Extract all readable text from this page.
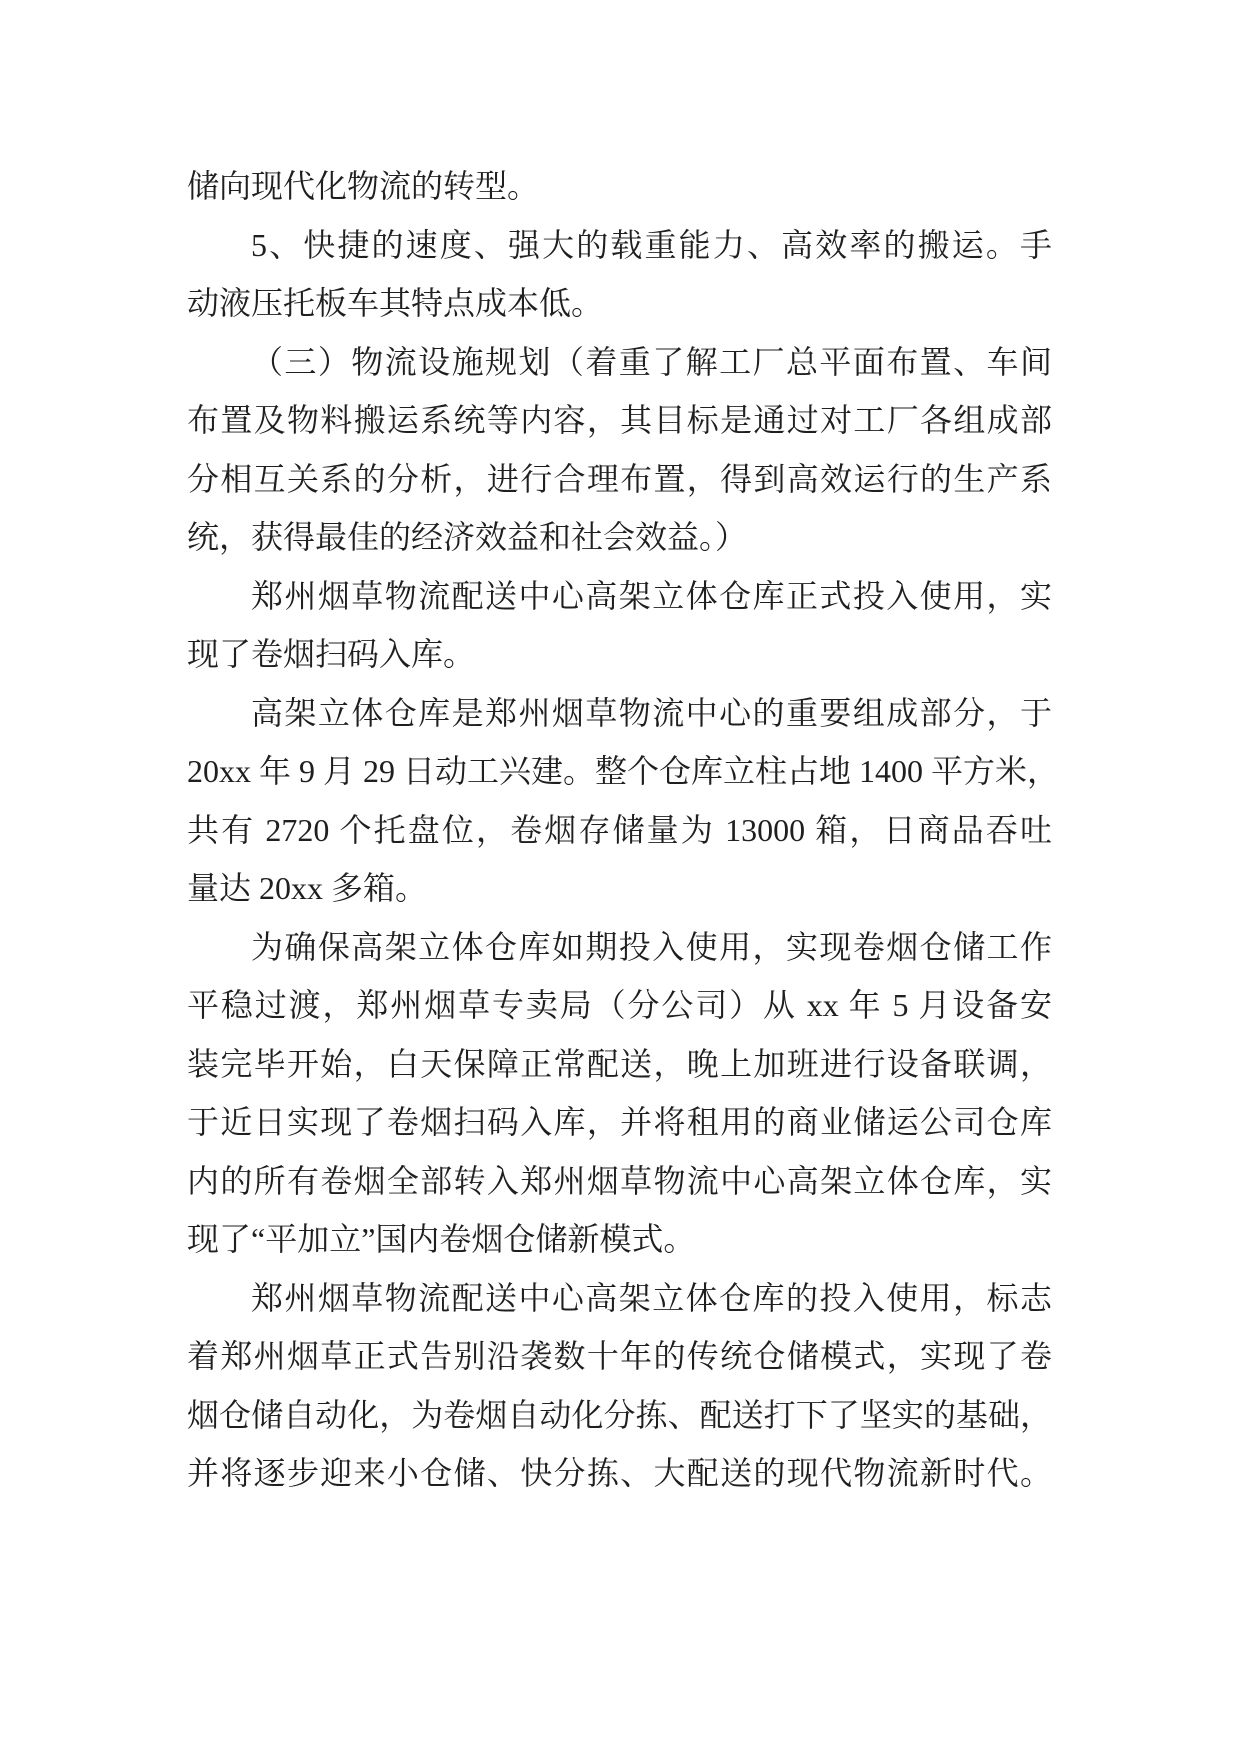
储向现代化物流的转型。
5、快捷的速度、强大的载重能力、高效率的搬运。手
动液压托板车其特点成本低。
（三）物流设施规划（着重了解工厂总平面布置、车间
布置及物料搬运系统等内容，其目标是通过对工厂各组成部
分相互关系的分析，进行合理布置，得到高效运行的生产系
统，获得最佳的经济效益和社会效益。）
郑州烟草物流配送中心高架立体仓库正式投入使用，实
现了卷烟扫码入库。
高架立体仓库是郑州烟草物流中心的重要组成部分，于
20xx 年 9 月 29 日动工兴建。整个仓库立柱占地 1400 平方米，
共有 2720 个托盘位，卷烟存储量为 13000 箱，日商品吞吐
量达 20xx 多箱。
为确保高架立体仓库如期投入使用，实现卷烟仓储工作
平稳过渡，郑州烟草专卖局（分公司）从 xx 年 5 月设备安
装完毕开始，白天保障正常配送，晚上加班进行设备联调，
于近日实现了卷烟扫码入库，并将租用的商业储运公司仓库
内的所有卷烟全部转入郑州烟草物流中心高架立体仓库，实
现了“平加立”国内卷烟仓储新模式。
郑州烟草物流配送中心高架立体仓库的投入使用，标志
着郑州烟草正式告别沿袭数十年的传统仓储模式，实现了卷
烟仓储自动化，为卷烟自动化分拣、配送打下了坚实的基础，
并将逐步迎来小仓储、快分拣、大配送的现代物流新时代。
